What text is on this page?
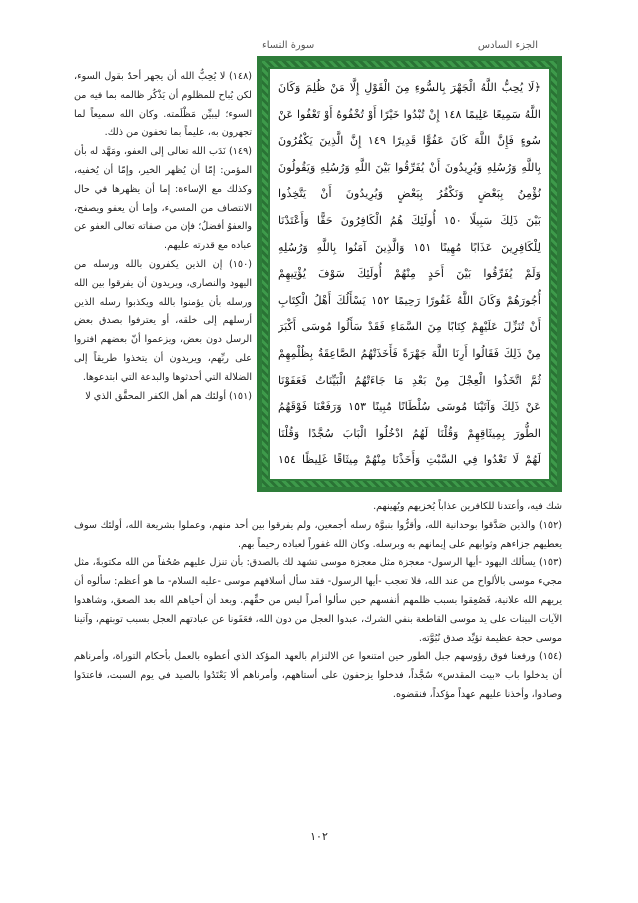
الجزء السادس
سورة النساء
﴿لَا يُحِبُّ اللَّهُ الْجَهْرَ بِالسُّوءِ مِنَ الْقَوْلِ إِلَّا مَنْ ظُلِمَ وَكَانَ
اللَّهُ سَمِيعًا عَلِيمًا ١٤٨ إِنْ تُبْدُوا خَيْرًا أَوْ تُخْفُوهُ أَوْ تَعْفُوا عَنْ
سُوءٍ فَإِنَّ اللَّهَ كَانَ عَفُوًّا قَدِيرًا ١٤٩ إِنَّ الَّذِينَ يَكْفُرُونَ
بِاللَّهِ وَرُسُلِهِ وَيُرِيدُونَ أَنْ يُفَرِّقُوا بَيْنَ اللَّهِ وَرُسُلِهِ وَيَقُولُونَ
نُؤْمِنُ بِبَعْضٍ وَنَكْفُرُ بِبَعْضٍ وَيُرِيدُونَ أَنْ يَتَّخِذُوا
بَيْنَ ذَلِكَ سَبِيلًا ١٥٠ أُولَئِكَ هُمُ الْكَافِرُونَ حَقًّا وَأَعْتَدْنَا
لِلْكَافِرِينَ عَذَابًا مُهِينًا ١٥١ وَالَّذِينَ آمَنُوا بِاللَّهِ وَرُسُلِهِ
وَلَمْ يُفَرِّقُوا بَيْنَ أَحَدٍ مِنْهُمْ أُولَئِكَ سَوْفَ يُؤْتِيهِمْ
أُجُورَهُمْ وَكَانَ اللَّهُ غَفُورًا رَحِيمًا ١٥٢ يَسْأَلُكَ أَهْلُ الْكِتَابِ
أَنْ تُنَزِّلَ عَلَيْهِمْ كِتَابًا مِنَ السَّمَاءِ فَقَدْ سَأَلُوا مُوسَى أَكْبَرَ
مِنْ ذَلِكَ فَقَالُوا أَرِنَا اللَّهَ جَهْرَةً فَأَخَذَتْهُمُ الصَّاعِقَةُ بِظُلْمِهِمْ
ثُمَّ اتَّخَذُوا الْعِجْلَ مِنْ بَعْدِ مَا جَاءَتْهُمُ الْبَيِّنَاتُ فَعَفَوْنَا
عَنْ ذَلِكَ وَآتَيْنَا مُوسَى سُلْطَانًا مُبِينًا ١٥٣ وَرَفَعْنَا فَوْقَهُمُ
الطُّورَ بِمِيثَاقِهِمْ وَقُلْنَا لَهُمُ ادْخُلُوا الْبَابَ سُجَّدًا وَقُلْنَا
لَهُمْ لَا تَعْدُوا فِي السَّبْتِ وَأَخَذْنَا مِنْهُمْ مِيثَاقًا غَلِيظًا ١٥٤

(١٤٨) لا يُحِبُّ الله أن يجهر أحدٌ بقول السوء، لكن يُباح للمظلوم أن يَذْكُر ظالمه بما فيه من السوء؛ ليبيِّن مَظْلَمته. وكان الله سميعاً لما تجهرون به، عليماً بما تخفون من ذلك.

(١٤٩) نَدَب الله تعالى إلى العفو، ومَهَّد له بأن المؤمن: إمّا أن يُظهر الخير، وإمّا أن يُخفيه، وكذلك مع الإساءة: إما أن يظهرها في حال الانتصاف من المسيء، وإما أن يعفو ويصفح، والعفوُ أفضلُ؛ فإن من صفاته تعالى العفو عن عباده مع قدرته عليهم.

(١٥٠) إن الذين يكفرون بالله ورسله من اليهود والنصارى، ويريدون أن يفرقوا بين الله ورسله بأن يؤمنوا بالله ويكذبوا رسله الذين أرسلهم إلى خلقه، أو يعترفوا بصدق بعض الرسل دون بعض، ويزعموا أنّ بعضهم افتروا على ربِّهم، ويريدون أن يتخذوا طريقاً إلى الضلالة التي أحدثوها والبدعة التي ابتدعوها.

(١٥١) أولئك هم أهل الكفر المحقَّق الذي لا

شك فيه، وأعتدنا للكافرين عذاباً يُخزيهم ويُهينهم.

(١٥٢) والذين صَدَّقوا بوحدانية الله، وأقرُّوا بنبوَّة رسله أجمعين، ولم يفرقوا بين أحد منهم، وعملوا بشريعة الله، أولئك سوف يعطيهم جزاءهم وثوابهم على إيمانهم به وبرسله. وكان الله غفوراً لعباده رحيماً بهم.

(١٥٣) يسألك اليهود -أيها الرسول- معجزة مثل معجزة موسى تشهد لك بالصدق: بأن تنزل عليهم صُحُفاً من الله مكتوبةً، مثل مجيء موسى بالألواح من عند الله، فلا تعجب -أيها الرسول- فقد سأل أسلافهم موسى -عليه السلام- ما هو أعظم: سألوه أن يريهم الله علانية، فَصُعِقوا بسبب ظلمهم أنفسهم حين سألوا أمراً ليس من حقِّهم. وبعد أن أحياهم الله بعد الصعق، وشاهدوا الآيات البينات على يد موسى القاطعة بنفي الشرك، عبدوا العجل من دون الله، فعَفَونا عن عبادتهم العجل بسبب توبتهم، وآتينا موسى حجة عظيمة تؤيِّد صدق نُبُوَّته.

(١٥٤) ورفعنا فوق رؤوسهم جبل الطور حين امتنعوا عن الالتزام بالعهد المؤكد الذي أعطوه بالعمل بأحكام التوراة، وأمرناهم أن يدخلوا باب «بيت المقدس» سُجَّداً، فدخلوا يزحفون على أستاههم، وأمرناهم ألا يَعْتَدُوا بالصيد في يوم السبت، فاعتدَوا وصادوا، وأخذنا عليهم عهداً مؤكداً، فنقضوه.

١٠٢
